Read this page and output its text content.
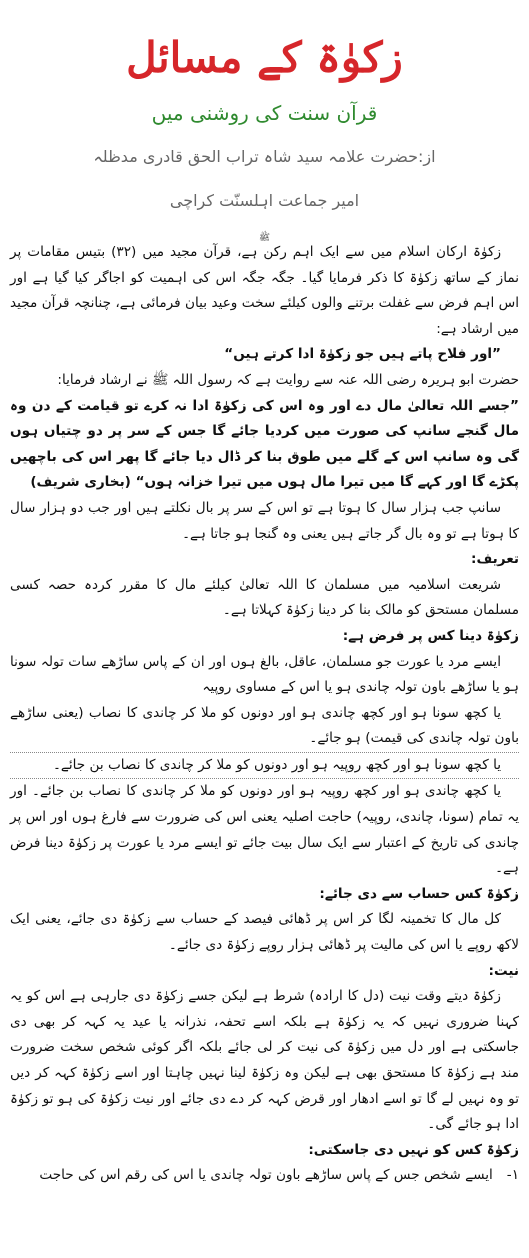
زکوٰۃ کے مسائل
قرآن سنت کی روشنی میں
از:حضرت علامہ سید شاہ تراب الحق قادری مدظلہ
امیر جماعت اہلسنّت کراچی
ﷺ

زکوٰۃ ارکان اسلام میں سے ایک اہم رکن ہے، قرآن مجید میں (۳۲) بتیس مقامات پر نماز کے ساتھ زکوٰۃ کا ذکر فرمایا گیا۔ جگہ جگہ اس کی اہمیت کو اجاگر کیا گیا ہے اور اس اہم فرض سے غفلت برتنے والوں کیلئے سخت وعید بیان فرمائی ہے، چنانچہ قرآن مجید میں ارشاد ہے:

”اور فلاح پاتے ہیں جو زکوٰۃ ادا کرتے ہیں“

حضرت ابو ہریرہ رضی اللہ عنہ سے روایت ہے کہ رسول اللہ ﷺ نے ارشاد فرمایا:

”جسے اللہ تعالیٰ مال دے اور وہ اس کی زکوٰۃ ادا نہ کرے تو قیامت کے دن وہ مال گنجے سانپ کی صورت میں کردیا جائے گا جس کے سر پر دو چتیاں ہوں گی وہ سانپ اس کے گلے میں طوق بنا کر ڈال دیا جائے گا پھر اس کی باچھیں پکڑے گا اور کہے گا میں تیرا مال ہوں میں تیرا خزانہ ہوں“ (بخاری شریف)

سانپ جب ہزار سال کا ہوتا ہے تو اس کے سر پر بال نکلتے ہیں اور جب دو ہزار سال کا ہوتا ہے تو وہ بال گر جاتے ہیں یعنی وہ گنجا ہو جاتا ہے۔

تعریف:

شریعت اسلامیہ میں مسلمان کا اللہ تعالیٰ کیلئے مال کا مقرر کردہ حصہ کسی مسلمان مستحق کو مالک بنا کر دینا زکوٰۃ کہلاتا ہے۔

زکوٰۃ دینا کس پر فرض ہے:

ایسے مرد یا عورت جو مسلمان، عاقل، بالغ ہوں اور ان کے پاس ساڑھے سات تولہ سونا ہو یا ساڑھے باون تولہ چاندی ہو یا اس کے مساوی روپیہ

یا کچھ سونا ہو اور کچھ چاندی ہو اور دونوں کو ملا کر چاندی کا نصاب (یعنی ساڑھے باون تولہ چاندی کی قیمت) ہو جائے۔

یا کچھ سونا ہو اور کچھ روپیہ ہو اور دونوں کو ملا کر چاندی کا نصاب بن جائے۔

یا کچھ چاندی ہو اور کچھ روپیہ ہو اور دونوں کو ملا کر چاندی کا نصاب بن جائے۔ اور یہ تمام (سونا، چاندی، روپیہ) حاجت اصلیہ یعنی اس کی ضرورت سے فارغ ہوں اور اس پر چاندی کی تاریخ کے اعتبار سے ایک سال بیت جائے تو ایسے مرد یا عورت پر زکوٰۃ دینا فرض ہے۔

زکوٰۃ کس حساب سے دی جائے:

کل مال کا تخمینہ لگا کر اس پر ڈھائی فیصد کے حساب سے زکوٰۃ دی جائے، یعنی ایک لاکھ روپے یا اس کی مالیت پر ڈھائی ہزار روپے زکوٰۃ دی جائے۔

نیت:

زکوٰۃ دیتے وقت نیت (دل کا ارادہ) شرط ہے لیکن جسے زکوٰۃ دی جارہی ہے اس کو یہ کہنا ضروری نہیں کہ یہ زکوٰۃ ہے بلکہ اسے تحفہ، نذرانہ یا عید یہ کہہ کر بھی دی جاسکتی ہے اور دل میں زکوٰۃ کی نیت کر لی جائے بلکہ اگر کوئی شخص سخت ضرورت مند ہے زکوٰۃ کا مستحق بھی ہے لیکن وہ زکوٰۃ لینا نہیں چاہتا اور اسے زکوٰۃ کہہ کر دیں تو وہ نہیں لے گا تو اسے ادھار اور قرض کہہ کر دے دی جائے اور نیت زکوٰۃ کی ہو تو زکوٰۃ ادا ہو جائے گی۔

زکوٰۃ کس کو نہیں دی جاسکتی:

۱-

ایسے شخص جس کے پاس ساڑھے باون تولہ چاندی یا اس کی رقم اس کی حاجت
